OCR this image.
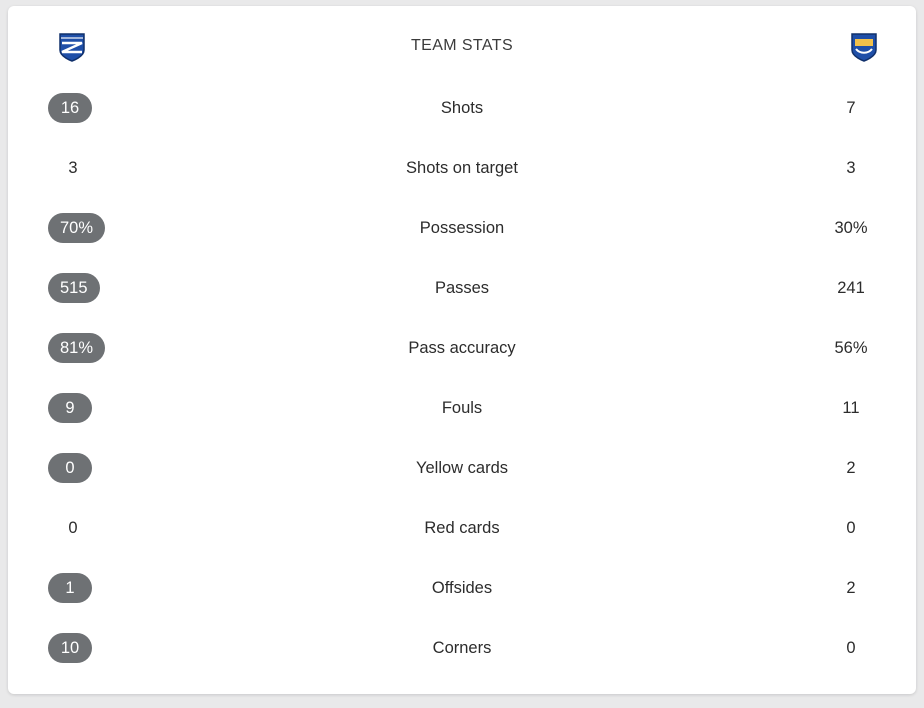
TEAM STATS
16	Shots	7
3	Shots on target	3
70%	Possession	30%
515	Passes	241
81%	Pass accuracy	56%
9	Fouls	11
0	Yellow cards	2
0	Red cards	0
1	Offsides	2
10	Corners	0
